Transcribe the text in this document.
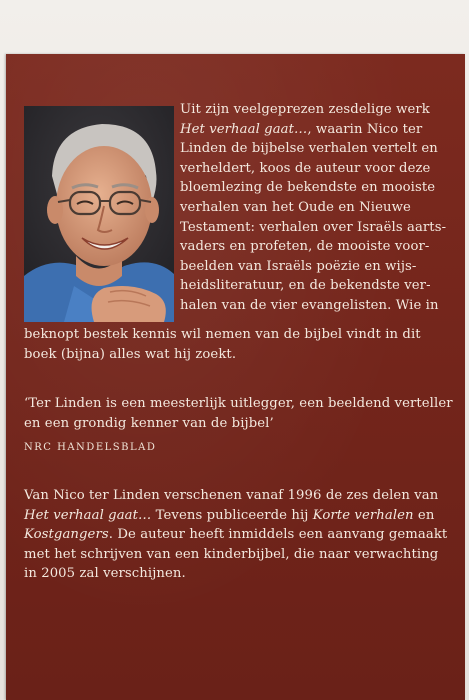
Uit zijn veelgeprezen zesdelige werk
Het verhaal gaat…, waarin Nico ter
Linden de bijbelse verhalen vertelt en
verheldert, koos de auteur voor deze
bloemlezing de bekendste en mooiste
verhalen van het Oude en Nieuwe
Testament: verhalen over Israëls aarts-
vaders en profeten, de mooiste voor-
beelden van Israëls poëzie en wijs-
heidsliteratuur, en de bekendste ver-
halen van de vier evangelisten. Wie in
beknopt bestek kennis wil nemen van de bijbel vindt in dit
boek (bijna) alles wat hij zoekt.
‘Ter Linden is een meesterlijk uitlegger, een beeldend verteller
en een grondig kenner van de bijbel’
NRC HANDELSBLAD
Van Nico ter Linden verschenen vanaf 1996 de zes delen van
Het verhaal gaat… Tevens publiceerde hij Korte verhalen en
Kostgangers. De auteur heeft inmiddels een aanvang gemaakt
met het schrijven van een kinderbijbel, die naar verwachting
in 2005 zal verschijnen.
